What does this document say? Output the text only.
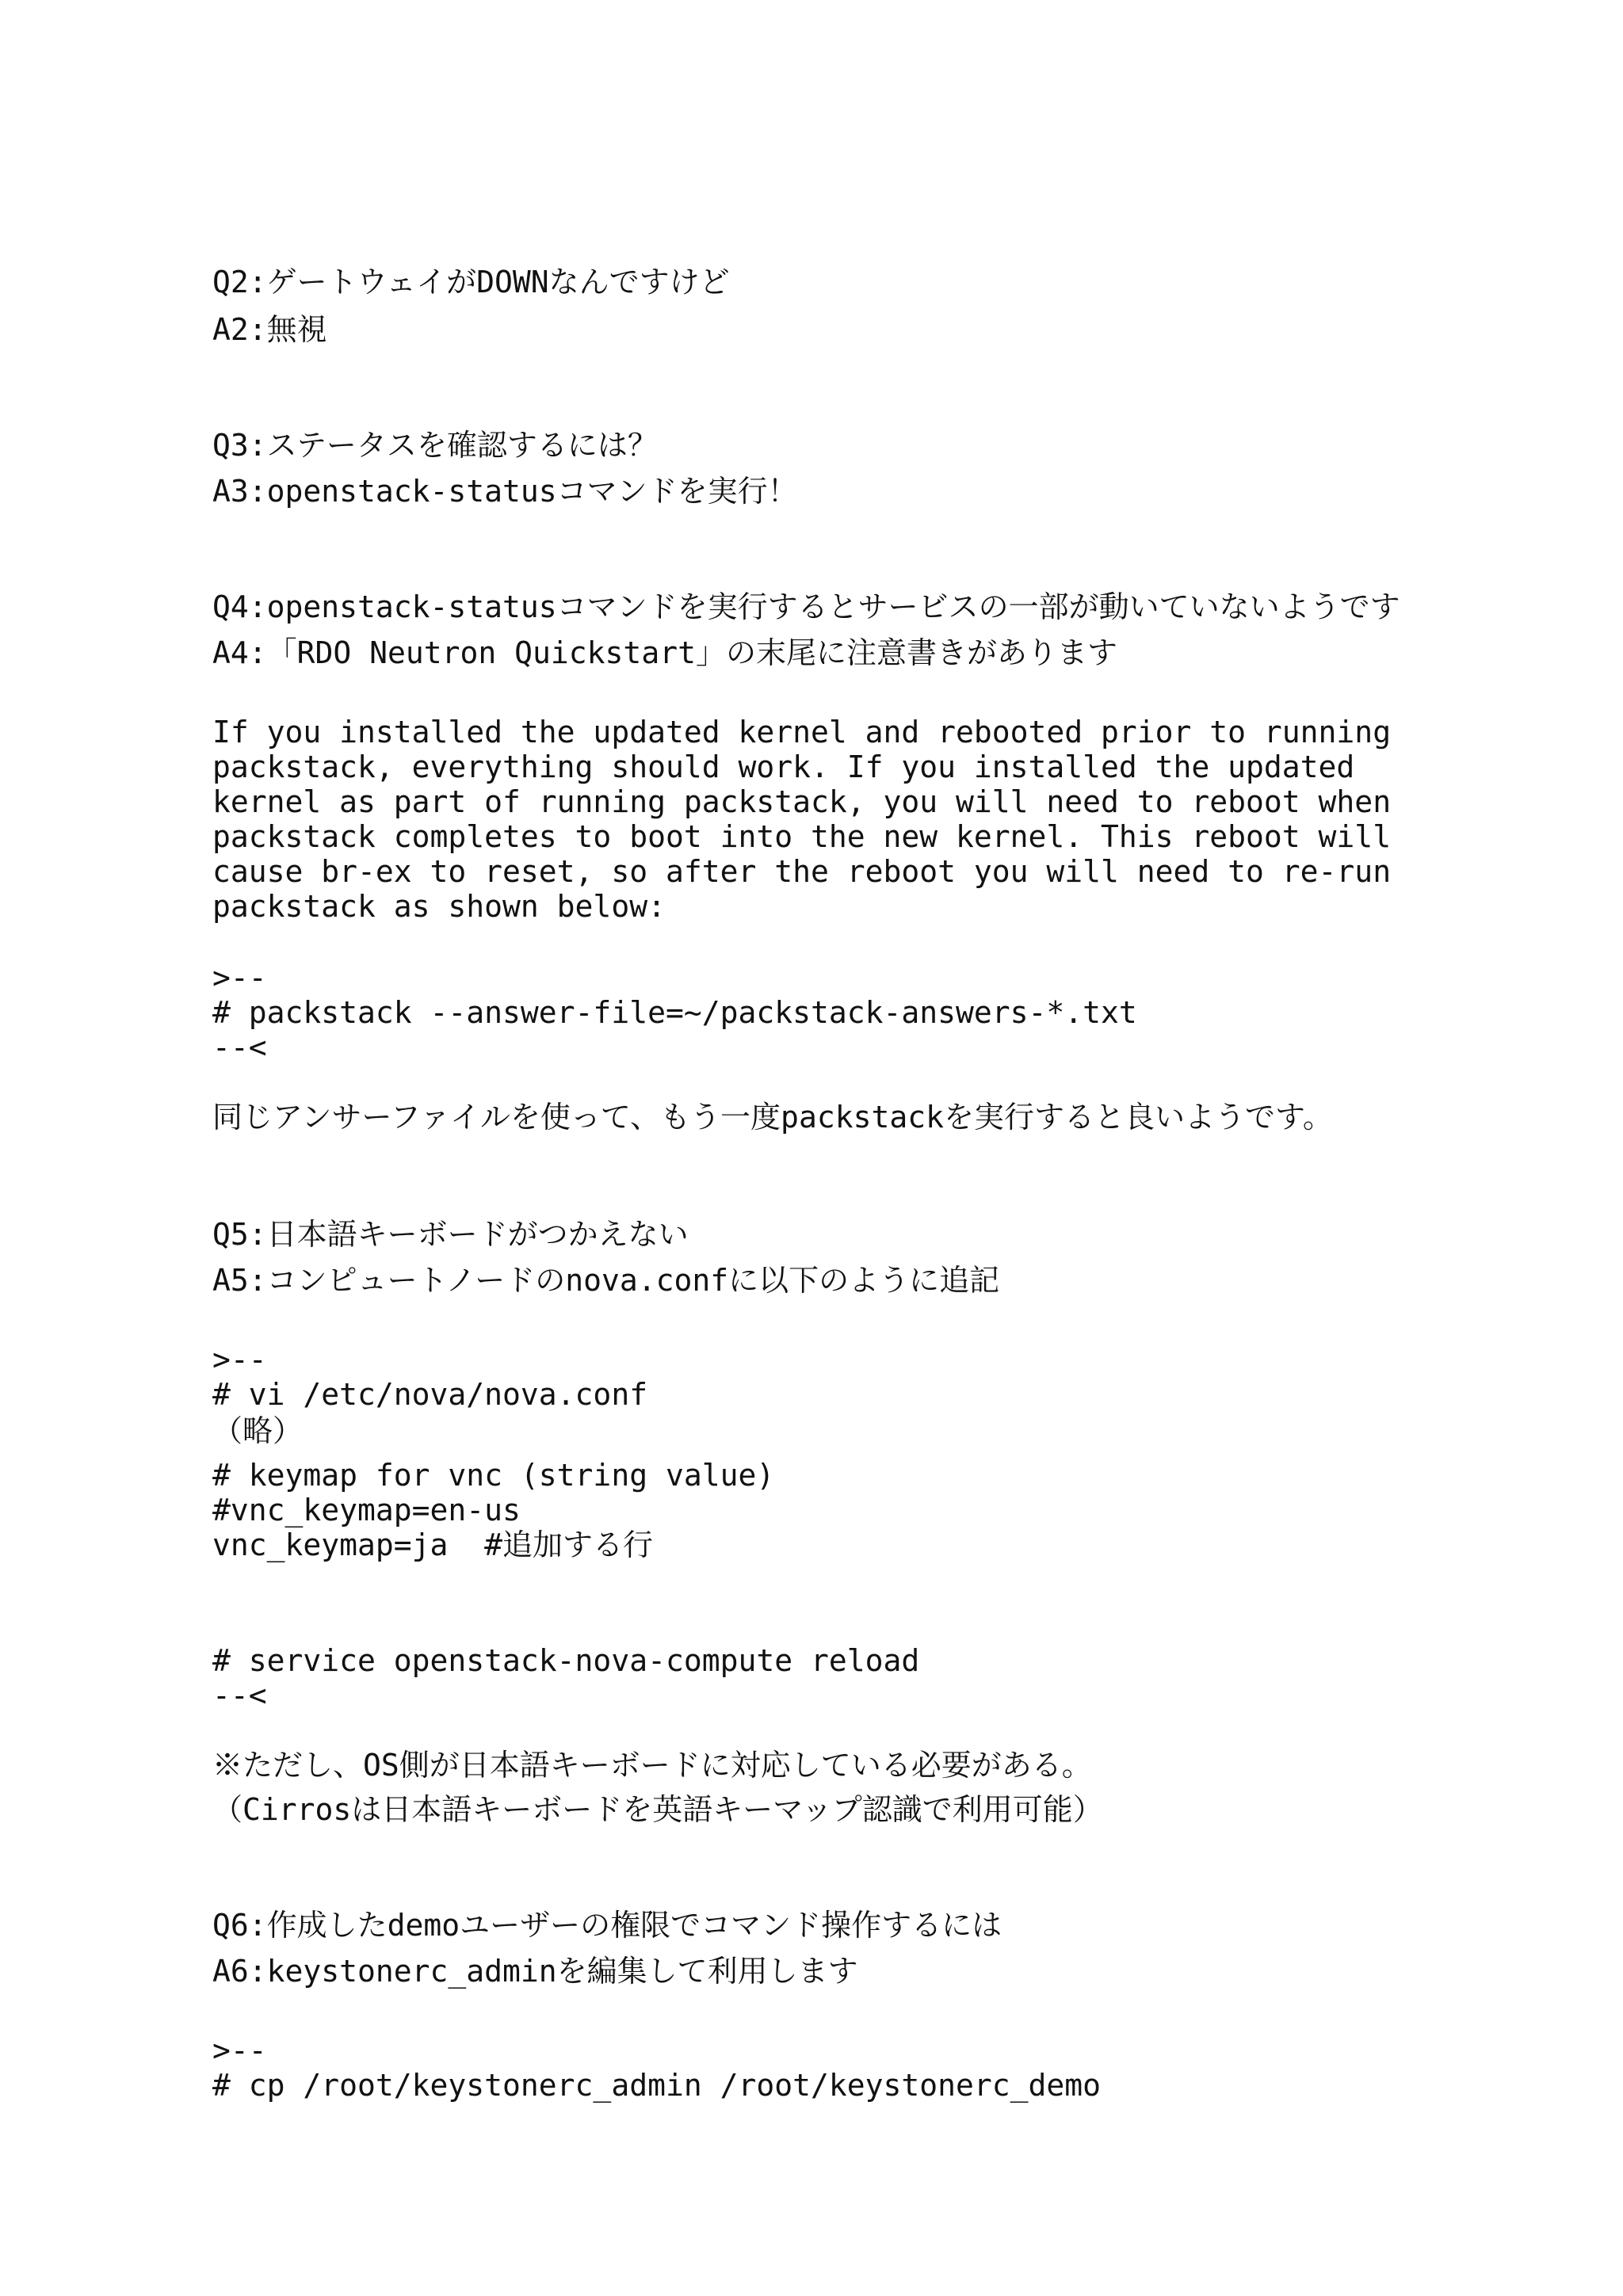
Q2:ゲートウェイがDOWNなんですけど
A2:無視
Q3:ステータスを確認するには？
A3:openstack-statusコマンドを実行！
Q4:openstack-statusコマンドを実行するとサービスの一部が動いていないようです
A4:「RDO Neutron Quickstart」の末尾に注意書きがあります
If you installed the updated kernel and rebooted prior to running
packstack, everything should work. If you installed the updated
kernel as part of running packstack, you will need to reboot when
packstack completes to boot into the new kernel. This reboot will
cause br-ex to reset, so after the reboot you will need to re-run
packstack as shown below:
>--
# packstack --answer-file=~/packstack-answers-*.txt
--<
同じアンサーファイルを使って、もう一度packstackを実行すると良いようです。
Q5:日本語キーボードがつかえない
A5:コンピュートノードのnova.confに以下のように追記
>--
# vi /etc/nova/nova.conf
（略）
# keymap for vnc (string value)
#vnc_keymap=en-us
vnc_keymap=ja  #追加する行
# service openstack-nova-compute reload
--<
※ただし、OS側が日本語キーボードに対応している必要がある。
（Cirrosは日本語キーボードを英語キーマップ認識で利用可能）
Q6:作成したdemoユーザーの権限でコマンド操作するには
A6:keystonerc_adminを編集して利用します
>--
# cp /root/keystonerc_admin /root/keystonerc_demo
